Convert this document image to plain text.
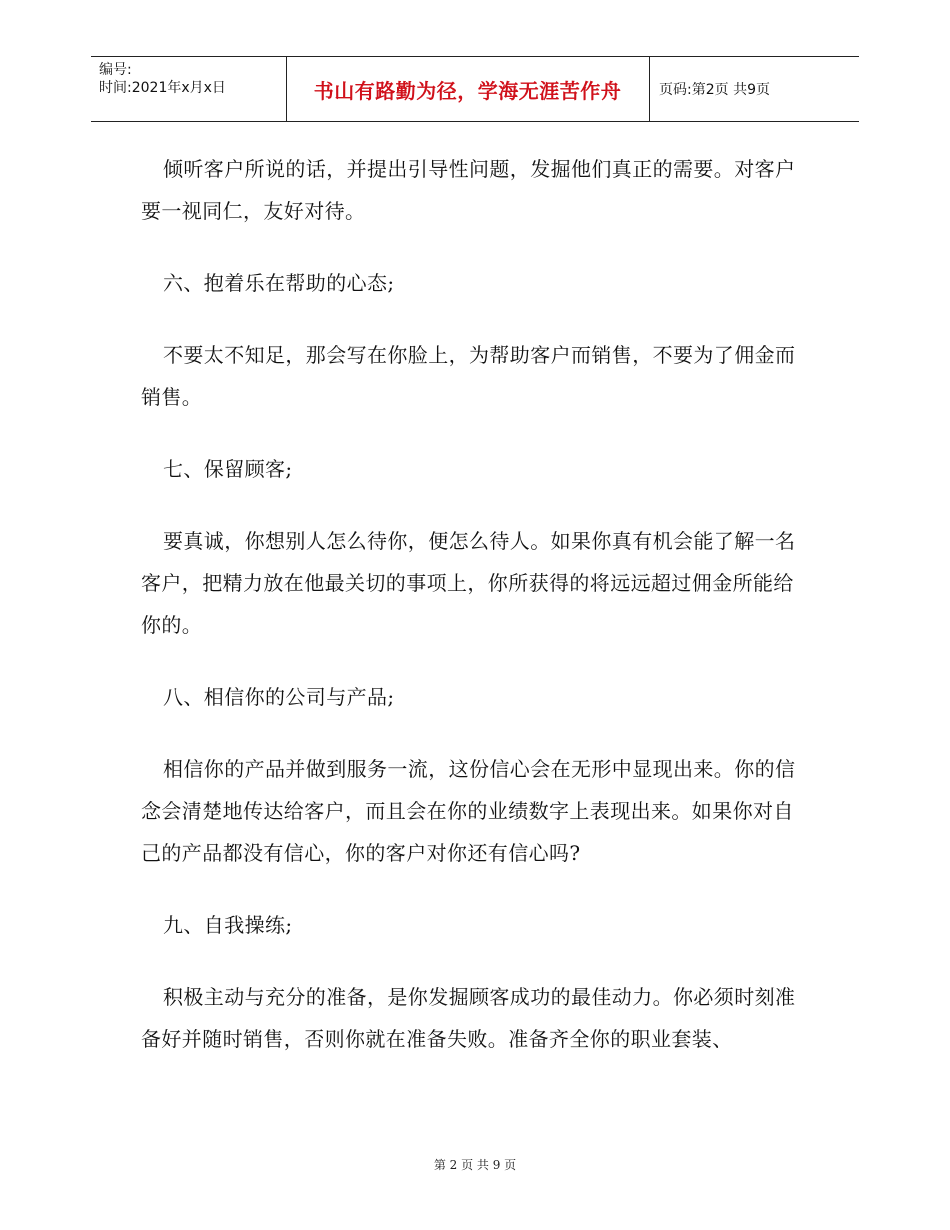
编号:
时间:2021年x月x日	书山有路勤为径，学海无涯苦作舟	页码:第2页 共9页

倾听客户所说的话，并提出引导性问题，发掘他们真正的需要。对客户要一视同仁，友好对待。

六、抱着乐在帮助的心态;

不要太不知足，那会写在你脸上，为帮助客户而销售，不要为了佣金而销售。

七、保留顾客;

要真诚，你想别人怎么待你，便怎么待人。如果你真有机会能了解一名客户，把精力放在他最关切的事项上，你所获得的将远远超过佣金所能给你的。

八、相信你的公司与产品;

相信你的产品并做到服务一流，这份信心会在无形中显现出来。你的信念会清楚地传达给客户，而且会在你的业绩数字上表现出来。如果你对自己的产品都没有信心，你的客户对你还有信心吗?

九、自我操练;

积极主动与充分的准备，是你发掘顾客成功的最佳动力。你必须时刻准备好并随时销售，否则你就在准备失败。准备齐全你的职业套装、

第 2 页 共 9 页
